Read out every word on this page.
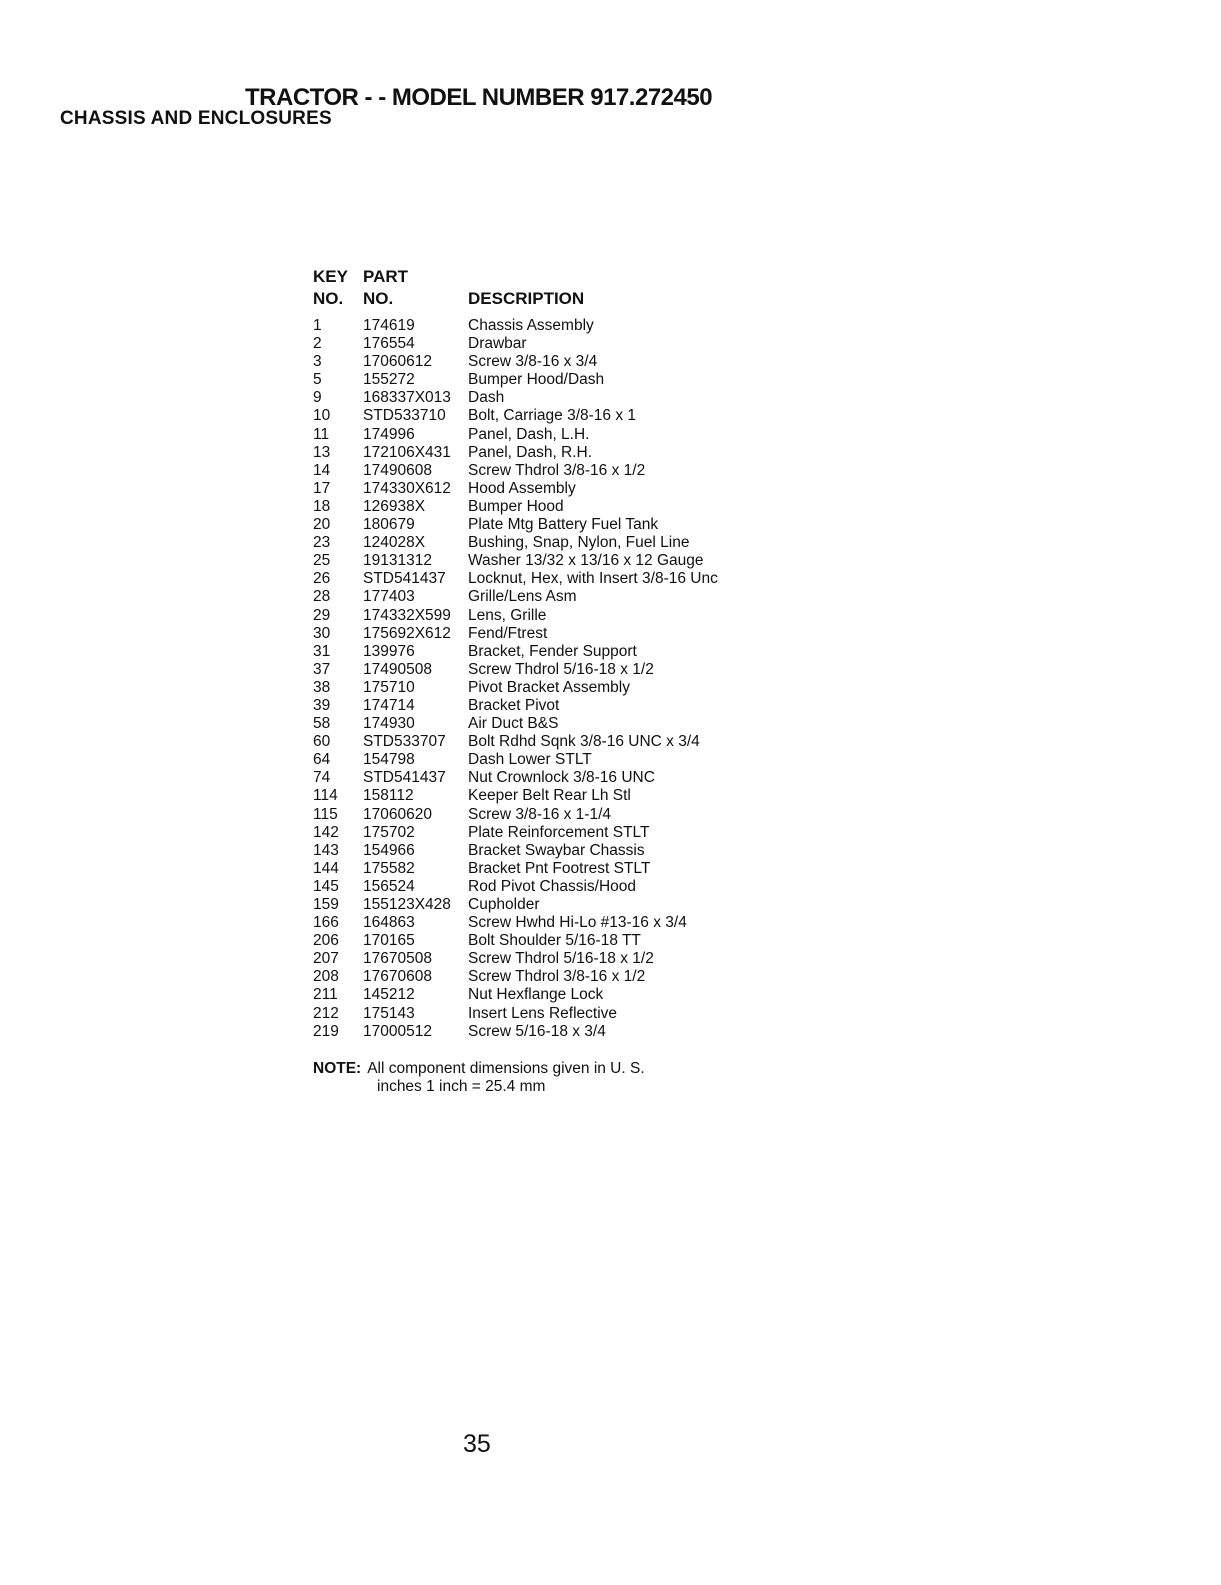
TRACTOR - - MODEL NUMBER 917.272450
CHASSIS AND ENCLOSURES
KEY PART
NO. NO.	DESCRIPTION
1	174619	Chassis Assembly
2	176554	Drawbar
3	17060612	Screw 3/8-16 x 3/4
5	155272	Bumper Hood/Dash
9	168337X013	Dash
10	STD533710	Bolt, Carriage 3/8-16 x 1
11	174996	Panel, Dash, L.H.
13	172106X431	Panel, Dash, R.H.
14	17490608	Screw Thdrol 3/8-16 x 1/2
17	174330X612	Hood Assembly
18	126938X	Bumper Hood
20	180679	Plate Mtg Battery Fuel Tank
23	124028X	Bushing, Snap, Nylon, Fuel Line
25	19131312	Washer 13/32 x 13/16 x 12 Gauge
26	STD541437	Locknut, Hex, with Insert 3/8-16 Unc
28	177403	Grille/Lens Asm
29	174332X599	Lens, Grille
30	175692X612	Fend/Ftrest
31	139976	Bracket, Fender Support
37	17490508	Screw Thdrol 5/16-18 x 1/2
38	175710	Pivot Bracket Assembly
39	174714	Bracket Pivot
58	174930	Air Duct B&S
60	STD533707	Bolt Rdhd Sqnk 3/8-16 UNC x 3/4
64	154798	Dash Lower STLT
74	STD541437	Nut Crownlock 3/8-16 UNC
114	158112	Keeper Belt Rear Lh Stl
115	17060620	Screw 3/8-16 x 1-1/4
142	175702	Plate Reinforcement STLT
143	154966	Bracket Swaybar Chassis
144	175582	Bracket Pnt Footrest STLT
145	156524	Rod Pivot Chassis/Hood
159	155123X428	Cupholder
166	164863	Screw Hwhd Hi-Lo #13-16 x 3/4
206	170165	Bolt Shoulder 5/16-18 TT
207	17670508	Screw Thdrol 5/16-18 x 1/2
208	17670608	Screw Thdrol 3/8-16 x 1/2
211	145212	Nut Hexflange Lock
212	175143	Insert Lens Reflective
219	17000512	Screw 5/16-18 x 3/4
NOTE: All component dimensions given in U. S.
inches 1 inch = 25.4 mm
35
